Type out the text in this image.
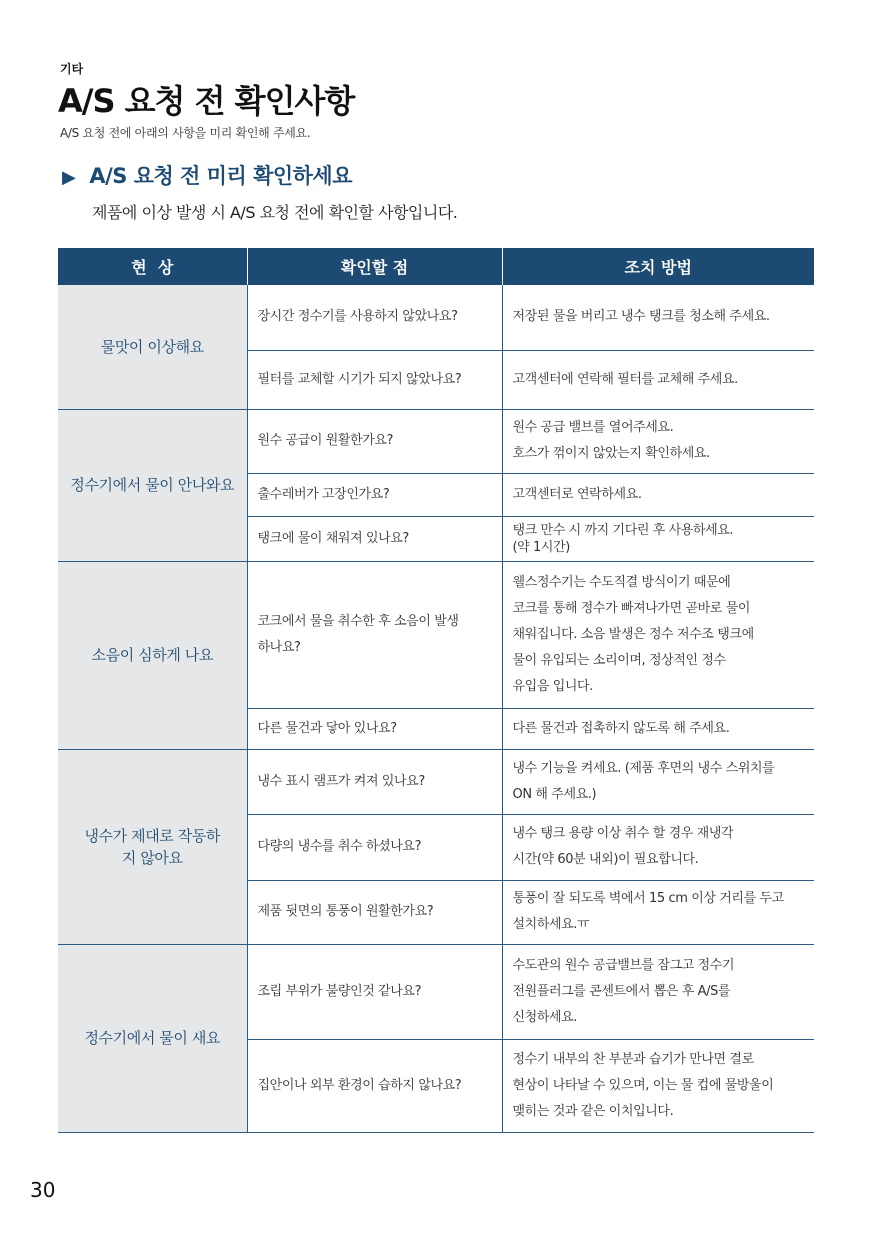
기타
A/S 요청 전 확인사항
A/S 요청 전에 아래의 사항을 미리 확인해 주세요.
▶ A/S 요청 전 미리 확인하세요
제품에 이상 발생 시 A/S 요청 전에 확인할 사항입니다.
현  상	확인할 점	조치 방법
물맛이 이상해요	장시간 정수기를 사용하지 않았나요?	저장된 물을 버리고 냉수 탱크를 청소해 주세요.

	필터를 교체할 시기가 되지 않았나요?	고객센터에 연락해 필터를 교체해 주세요.

정수기에서 물이 안나와요	원수 공급이 원활한가요?	원수 공급 밸브를 열어주세요.
호스가 꺾이지 않았는지 확인하세요.

	출수레버가 고장인가요?	고객센터로 연락하세요.

	탱크에 물이 채워져 있나요?	탱크 만수 시 까지 기다린 후 사용하세요.
(약 1시간)

소음이 심하게 나요	코크에서 물을 취수한 후 소음이 발생하나요?	웰스정수기는 수도직결 방식이기 때문에
코크를 통해 정수가 빠져나가면 곧바로 물이
채워집니다. 소음 발생은 정수 저수조 탱크에
물이 유입되는 소리이며, 정상적인 정수
유입음 입니다.

	다른 물건과 닿아 있나요?	다른 물건과 접촉하지 않도록 해 주세요.

냉수가 제대로 작동하지 않아요	냉수 표시 램프가 켜져 있나요?	냉수 기능을 켜세요. (제품 후면의 냉수 스위치를
ON 해 주세요.)

	다량의 냉수를 취수 하셨나요?	냉수 탱크 용량 이상 취수 할 경우 재냉각
시간(약 60분 내외)이 필요합니다.

	제품 뒷면의 통풍이 원활한가요?	통풍이 잘 되도록 벽에서 15 cm 이상 거리를 두고
설치하세요.ㅠ

정수기에서 물이 새요	조립 부위가 불량인것 같나요?	수도관의 원수 공급밸브를 잠그고 정수기
전원플러그를 콘센트에서 뽑은 후 A/S를
신청하세요.

	집안이나 외부 환경이 습하지 않나요?	정수기 내부의 찬 부분과 습기가 만나면 결로
현상이 나타날 수 있으며, 이는 물 컵에 물방울이
맺히는 것과 같은 이치입니다.
30
